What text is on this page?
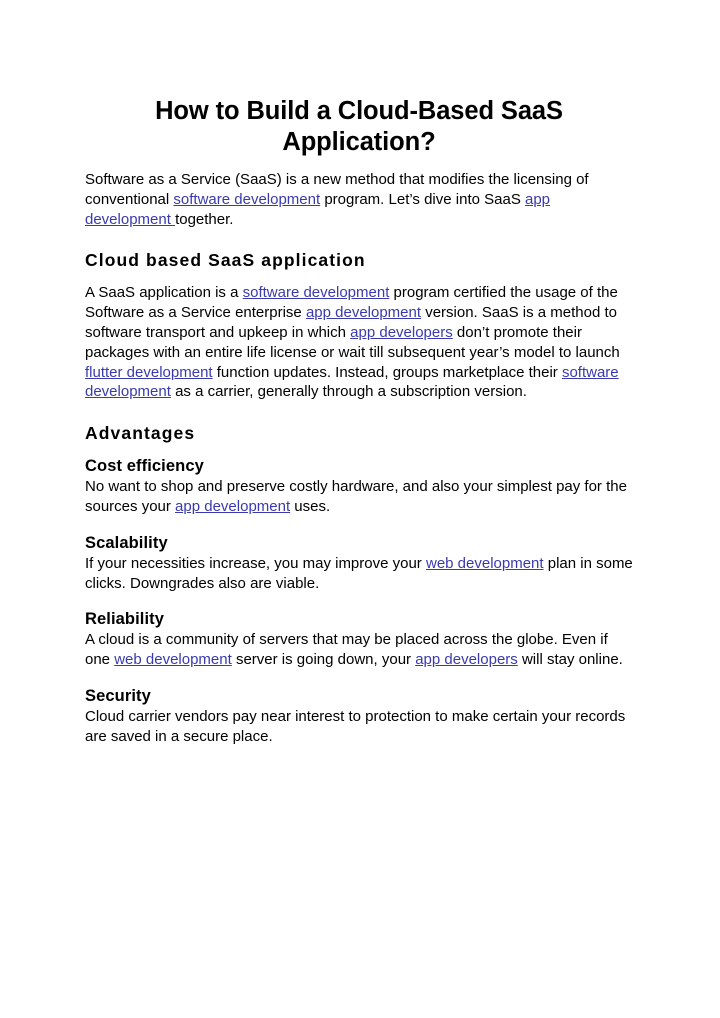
How to Build a Cloud-Based SaaS Application?

Software as a Service (SaaS) is a new method that modifies the licensing of conventional software development program. Let’s dive into SaaS app development together.

Cloud based SaaS application

A SaaS application is a software development program certified the usage of the Software as a Service enterprise app development version. SaaS is a method to software transport and upkeep in which app developers don’t promote their packages with an entire life license or wait till subsequent year’s model to launch flutter development function updates. Instead, groups marketplace their software development as a carrier, generally through a subscription version.

Advantages
Cost efficiency

No want to shop and preserve costly hardware, and also your simplest pay for the sources your app development uses.

Scalability

If your necessities increase, you may improve your web development plan in some clicks. Downgrades also are viable.

Reliability

A cloud is a community of servers that may be placed across the globe. Even if one web development server is going down, your app developers will stay online.

Security

Cloud carrier vendors pay near interest to protection to make certain your records are saved in a secure place.
